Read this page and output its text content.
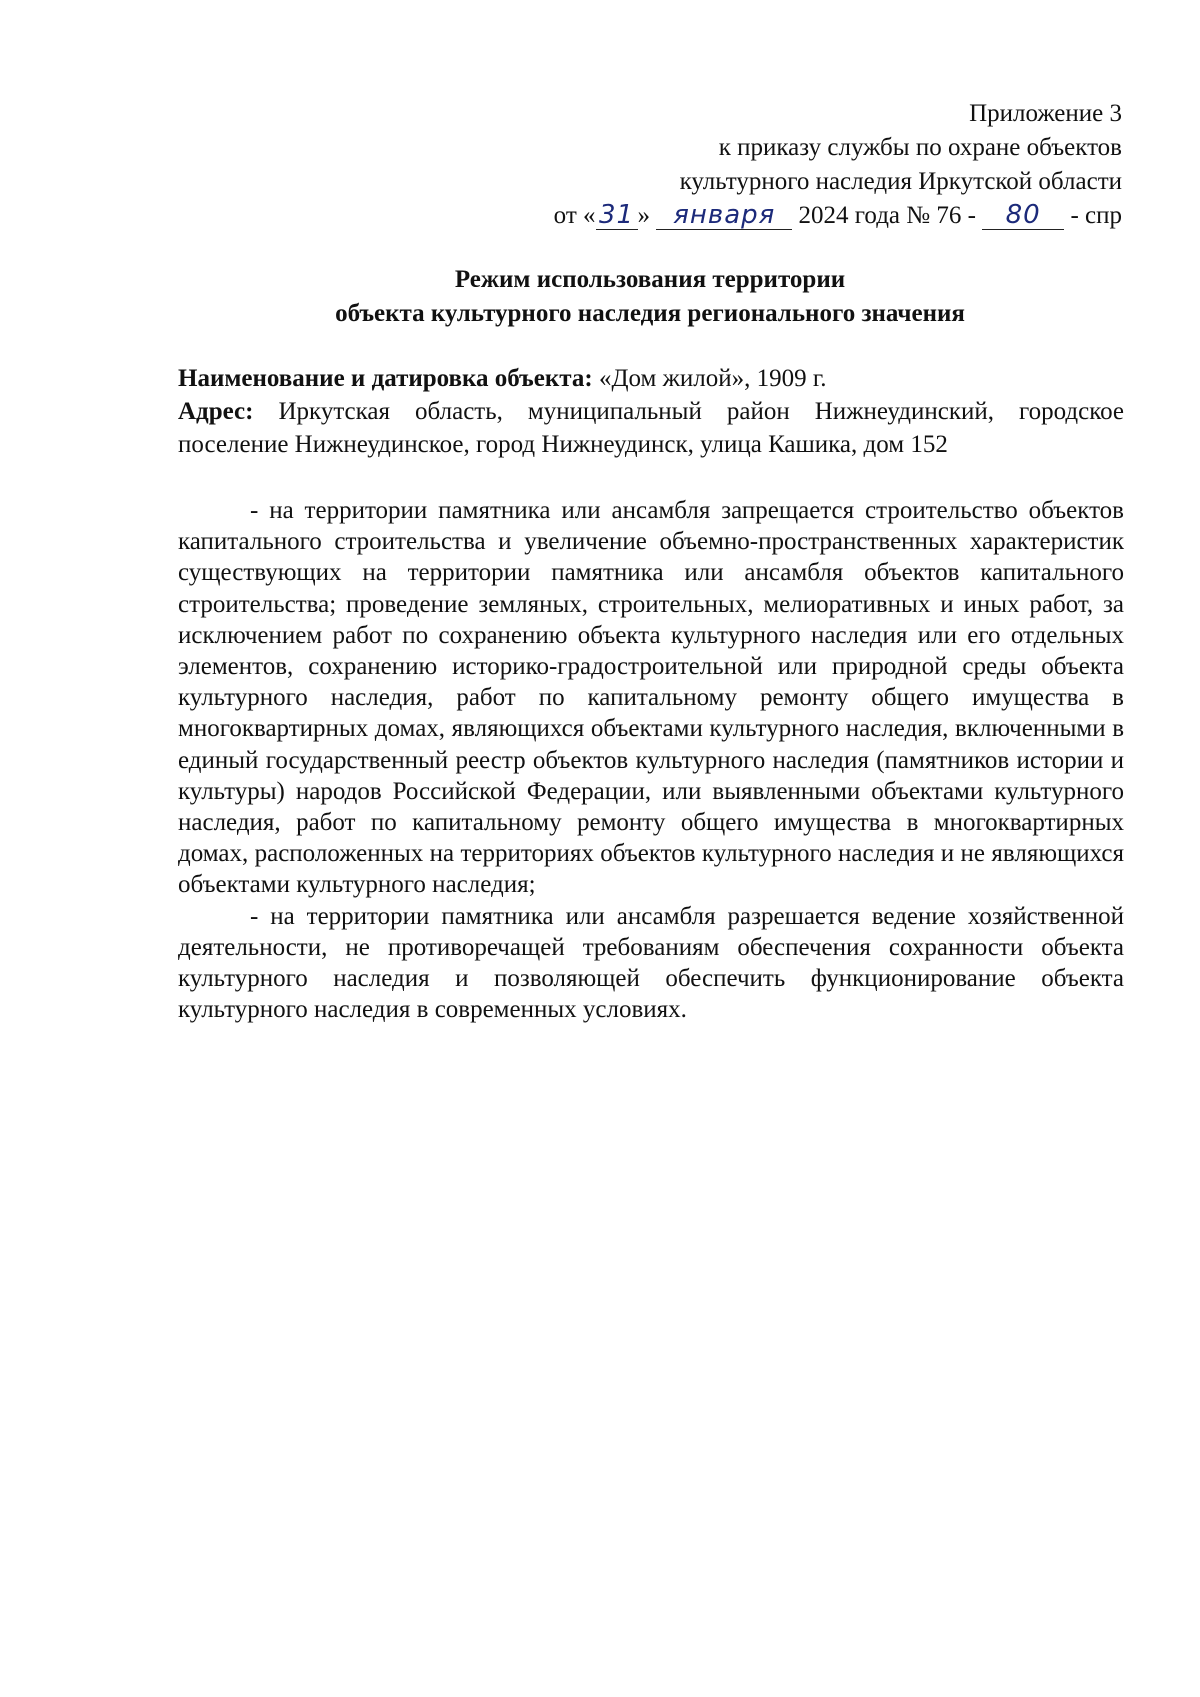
Приложение 3
к приказу службы по охране объектов
культурного наследия Иркутской области
от « 31 » января 2024 года № 76 - 80 - спр
Режим использования территории
объекта культурного наследия регионального значения

Наименование и датировка объекта: «Дом жилой», 1909 г.

Адрес: Иркутская область, муниципальный район Нижнеудинский, городское поселение Нижнеудинское, город Нижнеудинск, улица Кашика, дом 152

- на территории памятника или ансамбля запрещается строительство объектов капитального строительства и увеличение объемно-пространственных характеристик существующих на территории памятника или ансамбля объектов капитального строительства; проведение земляных, строительных, мелиоративных и иных работ, за исключением работ по сохранению объекта культурного наследия или его отдельных элементов, сохранению историко-градостроительной или природной среды объекта культурного наследия, работ по капитальному ремонту общего имущества в многоквартирных домах, являющихся объектами культурного наследия, включенными в единый государственный реестр объектов культурного наследия (памятников истории и культуры) народов Российской Федерации, или выявленными объектами культурного наследия, работ по капитальному ремонту общего имущества в многоквартирных домах, расположенных на территориях объектов культурного наследия и не являющихся объектами культурного наследия;

- на территории памятника или ансамбля разрешается ведение хозяйственной деятельности, не противоречащей требованиям обеспечения сохранности объекта культурного наследия и позволяющей обеспечить функционирование объекта культурного наследия в современных условиях.
